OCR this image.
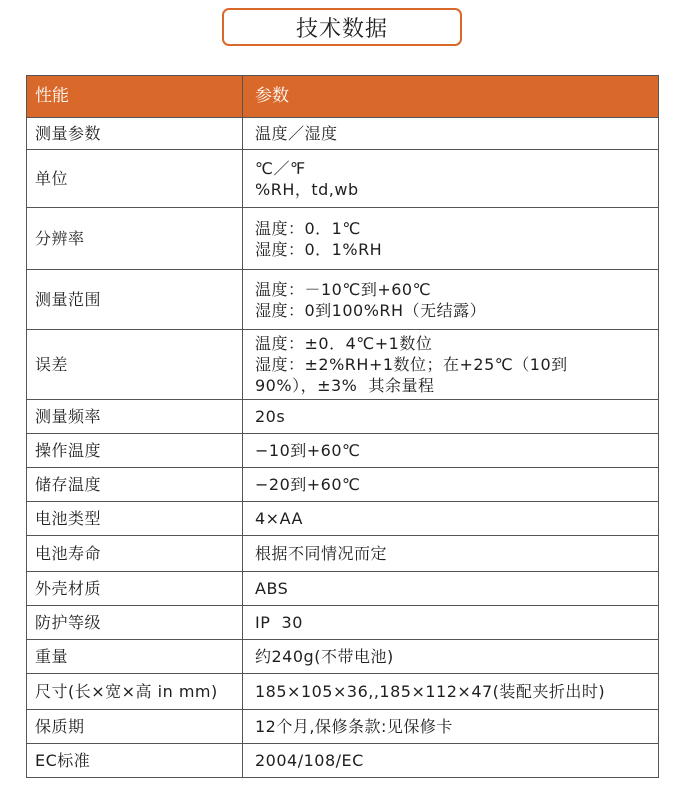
技术数据
性能	参数
测量参数	温度／湿度

单位	℃／℉
%RH，td,wb

分辨率	温度：0．1℃
湿度：0．1%RH

测量范围	温度：－10℃到+60℃
湿度：0到100%RH（无结露）

误差	温度：±0．4℃+1数位
湿度：±2%RH+1数位；在+25℃（10到
90%），±3%  其余量程

测量频率	20s

操作温度	−10到+60℃

储存温度	−20到+60℃

电池类型	4×AA

电池寿命	根据不同情况而定

外壳材质	ABS

防护等级	IP  30

重量	约240g(不带电池)

尺寸(长×宽×高 in mm)	185×105×36,,185×112×47(装配夹折出时)

保质期	12个月,保修条款:见保修卡

EC标准	2004/108/EC
